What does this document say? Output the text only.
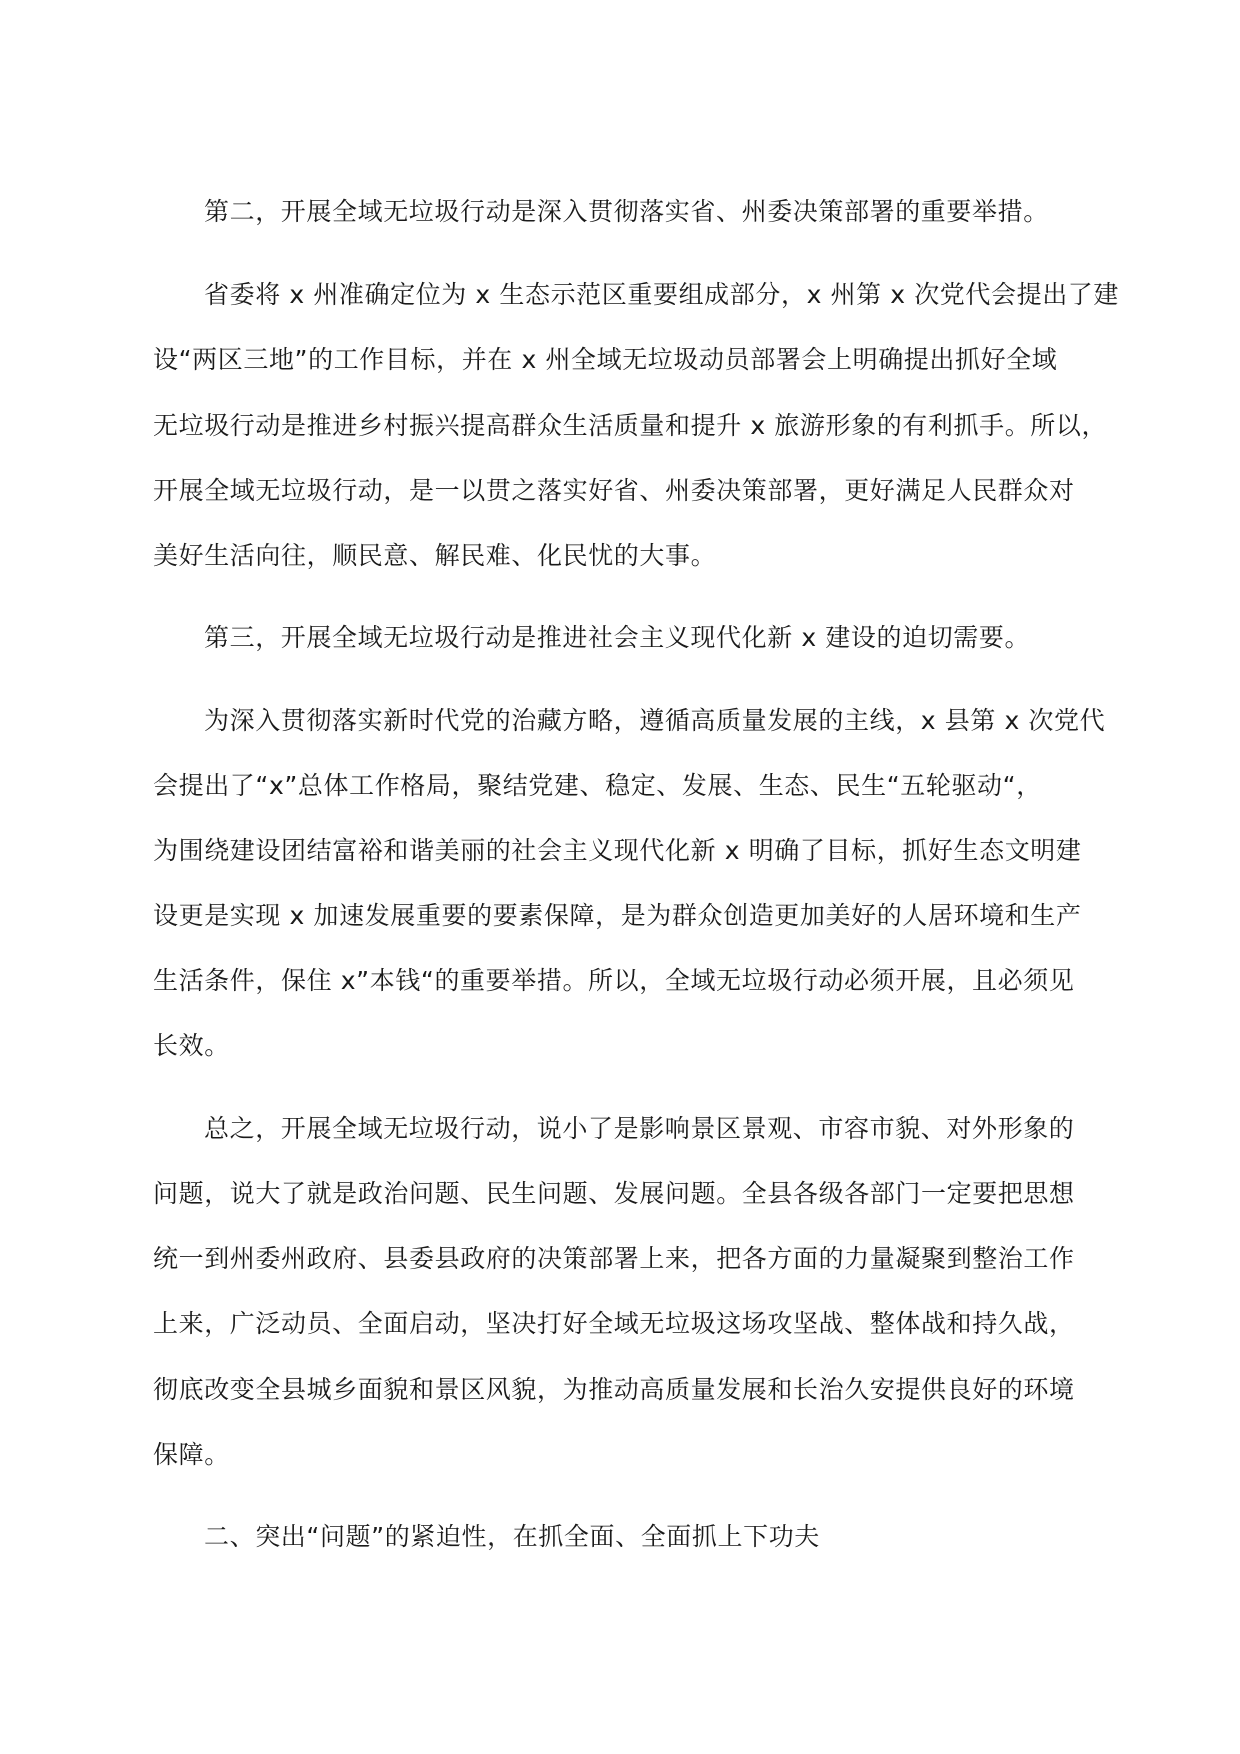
第二，开展全域无垃圾行动是深入贯彻落实省、州委决策部署的重要举措。
省委将 x 州准确定位为 x 生态示范区重要组成部分，x 州第 x 次党代会提出了建
设“两区三地”的工作目标，并在 x 州全域无垃圾动员部署会上明确提出抓好全域
无垃圾行动是推进乡村振兴提高群众生活质量和提升 x 旅游形象的有利抓手。所以，
开展全域无垃圾行动，是一以贯之落实好省、州委决策部署，更好满足人民群众对
美好生活向往，顺民意、解民难、化民忧的大事。
第三，开展全域无垃圾行动是推进社会主义现代化新 x 建设的迫切需要。
为深入贯彻落实新时代党的治藏方略，遵循高质量发展的主线，x 县第 x 次党代
会提出了“x”总体工作格局，聚结党建、稳定、发展、生态、民生“五轮驱动“，
为围绕建设团结富裕和谐美丽的社会主义现代化新 x 明确了目标，抓好生态文明建
设更是实现 x 加速发展重要的要素保障，是为群众创造更加美好的人居环境和生产
生活条件，保住 x”本钱“的重要举措。所以，全域无垃圾行动必须开展，且必须见
长效。
总之，开展全域无垃圾行动，说小了是影响景区景观、市容市貌、对外形象的
问题，说大了就是政治问题、民生问题、发展问题。全县各级各部门一定要把思想
统一到州委州政府、县委县政府的决策部署上来，把各方面的力量凝聚到整治工作
上来，广泛动员、全面启动，坚决打好全域无垃圾这场攻坚战、整体战和持久战，
彻底改变全县城乡面貌和景区风貌，为推动高质量发展和长治久安提供良好的环境
保障。
二、突出“问题”的紧迫性，在抓全面、全面抓上下功夫
